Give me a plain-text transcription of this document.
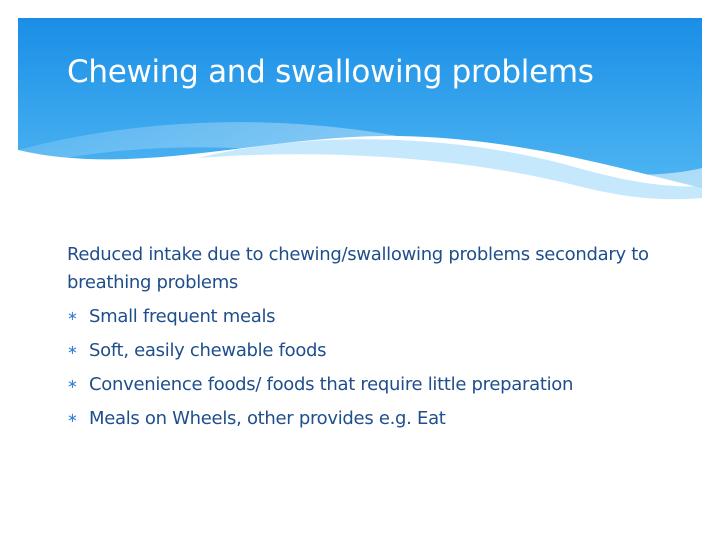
Chewing and swallowing problems

Reduced intake due to chewing/swallowing problems secondary to breathing problems

∗ Small frequent meals
∗ Soft, easily chewable foods
∗ Convenience foods/ foods that require little preparation
∗ Meals on Wheels, other provides e.g. Eat
